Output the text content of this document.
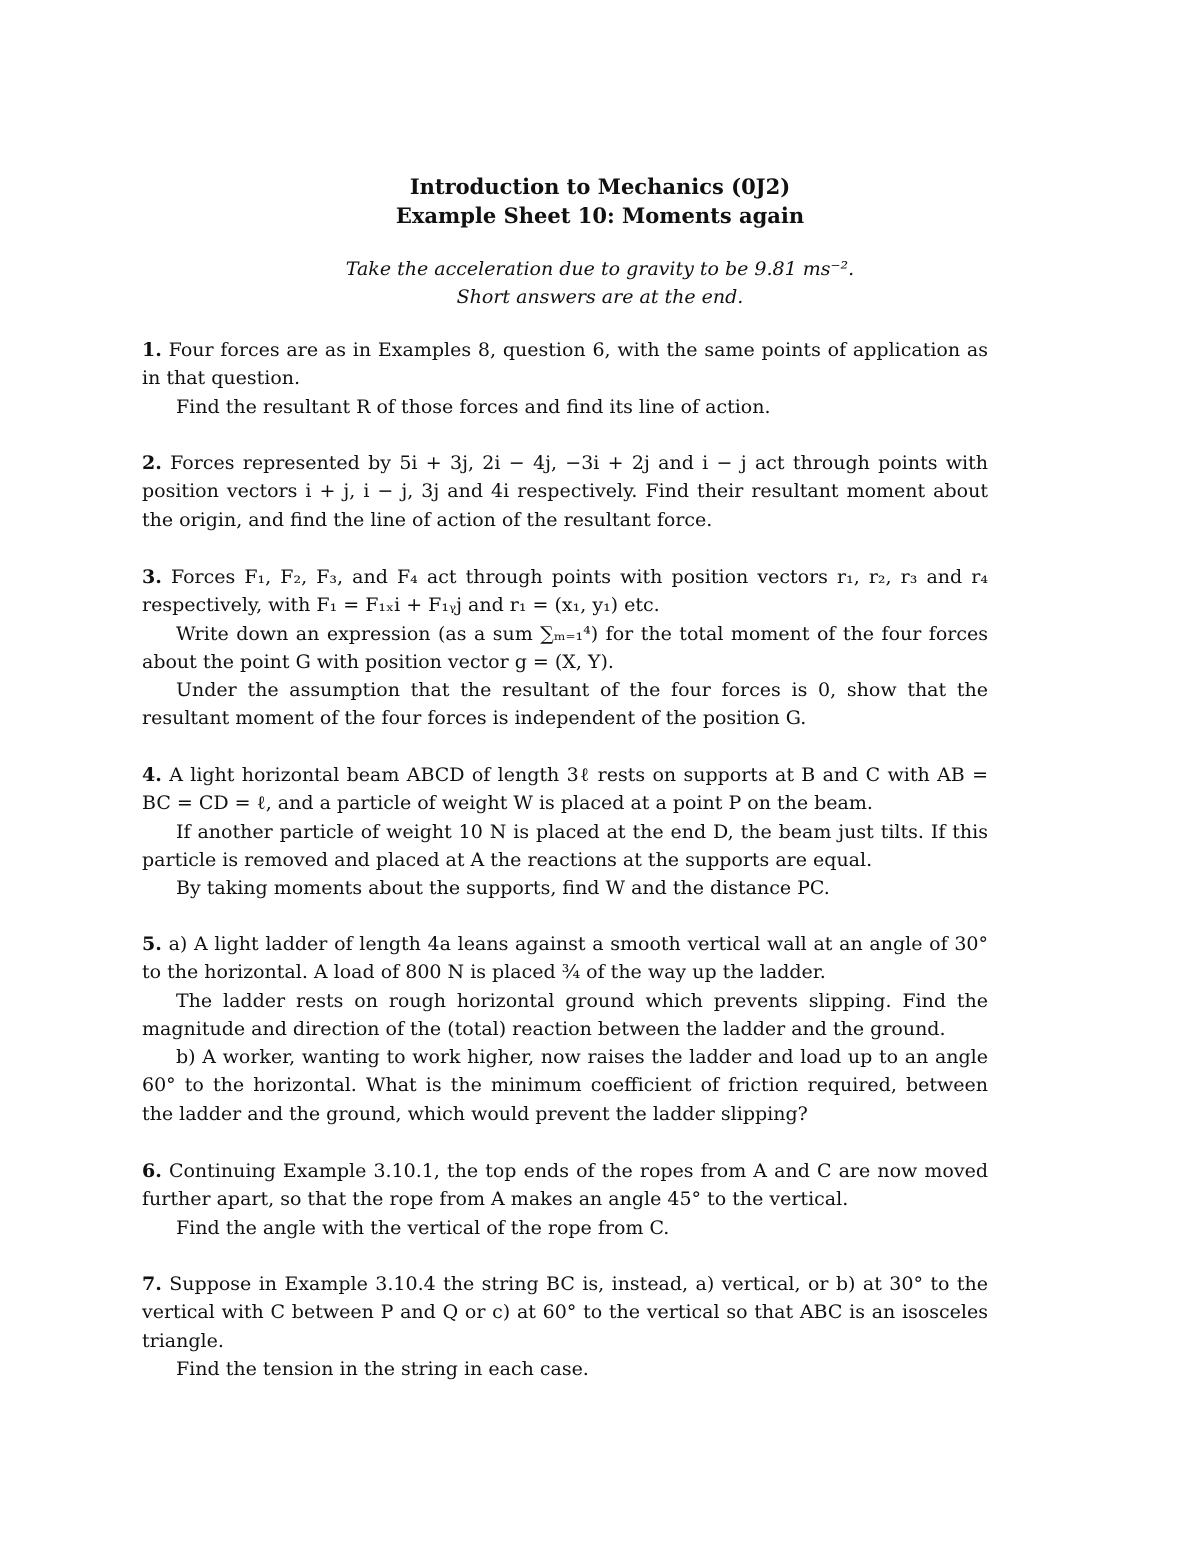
Introduction to Mechanics (0J2)
Example Sheet 10: Moments again
Take the acceleration due to gravity to be 9.81 ms⁻².
Short answers are at the end.

1. Four forces are as in Examples 8, question 6, with the same points of application as in that question.

Find the resultant R of those forces and find its line of action.

2. Forces represented by 5i + 3j, 2i − 4j, −3i + 2j and i − j act through points with position vectors i + j, i − j, 3j and 4i respectively. Find their resultant moment about the origin, and find the line of action of the resultant force.

3. Forces F₁, F₂, F₃, and F₄ act through points with position vectors r₁, r₂, r₃ and r₄ respectively, with F₁ = F₁ₓi + F₁ᵧj and r₁ = (x₁, y₁) etc.

Write down an expression (as a sum ∑ₘ₌₁⁴) for the total moment of the four forces about the point G with position vector g = (X, Y).

Under the assumption that the resultant of the four forces is 0, show that the resultant moment of the four forces is independent of the position G.

4. A light horizontal beam ABCD of length 3ℓ rests on supports at B and C with AB = BC = CD = ℓ, and a particle of weight W is placed at a point P on the beam.

If another particle of weight 10 N is placed at the end D, the beam just tilts. If this particle is removed and placed at A the reactions at the supports are equal.

By taking moments about the supports, find W and the distance PC.

5. a) A light ladder of length 4a leans against a smooth vertical wall at an angle of 30° to the horizontal. A load of 800 N is placed ¾ of the way up the ladder.

The ladder rests on rough horizontal ground which prevents slipping. Find the magnitude and direction of the (total) reaction between the ladder and the ground.

b) A worker, wanting to work higher, now raises the ladder and load up to an angle 60° to the horizontal. What is the minimum coefficient of friction required, between the ladder and the ground, which would prevent the ladder slipping?

6. Continuing Example 3.10.1, the top ends of the ropes from A and C are now moved further apart, so that the rope from A makes an angle 45° to the vertical.

Find the angle with the vertical of the rope from C.

7. Suppose in Example 3.10.4 the string BC is, instead, a) vertical, or b) at 30° to the vertical with C between P and Q or c) at 60° to the vertical so that ABC is an isosceles triangle.

Find the tension in the string in each case.
